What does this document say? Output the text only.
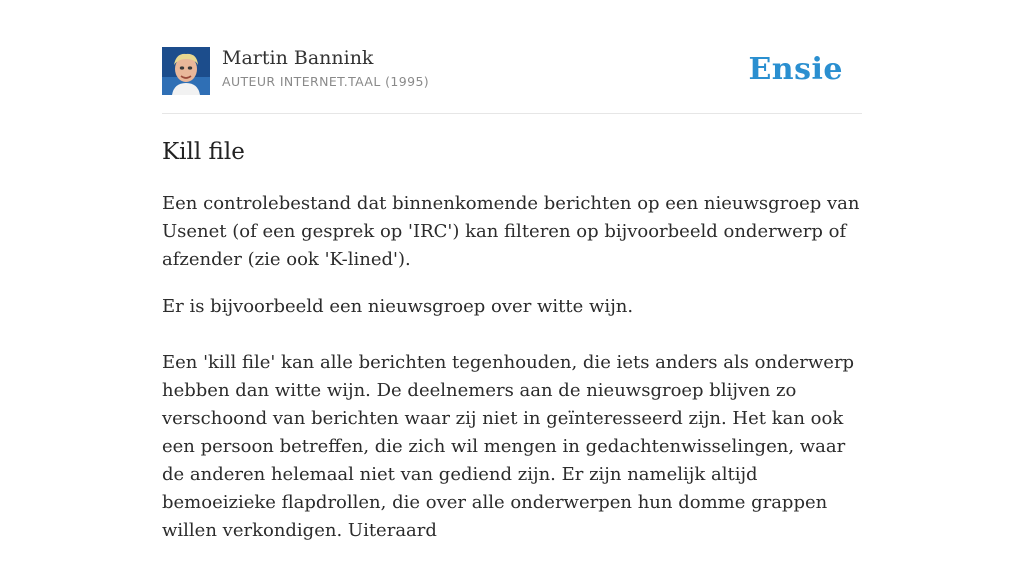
Martin Bannink
AUTEUR INTERNET.TAAL (1995)	Ensie
Kill file

Een controlebestand dat binnenkomende berichten op een nieuwsgroep van Usenet (of een gesprek op 'IRC') kan filteren op bijvoorbeeld onderwerp of afzender (zie ook 'K-lined').

Er is bijvoorbeeld een nieuwsgroep over witte wijn.

Een 'kill file' kan alle berichten tegenhouden, die iets anders als onderwerp hebben dan witte wijn. De deelnemers aan de nieuwsgroep blijven zo verschoond van berichten waar zij niet in geïnteresseerd zijn. Het kan ook een persoon betreffen, die zich wil mengen in gedachtenwisselingen, waar de anderen helemaal niet van gediend zijn. Er zijn namelijk altijd bemoeizieke flapdrollen, die over alle onderwerpen hun domme grappen willen verkondigen. Uiteraard
